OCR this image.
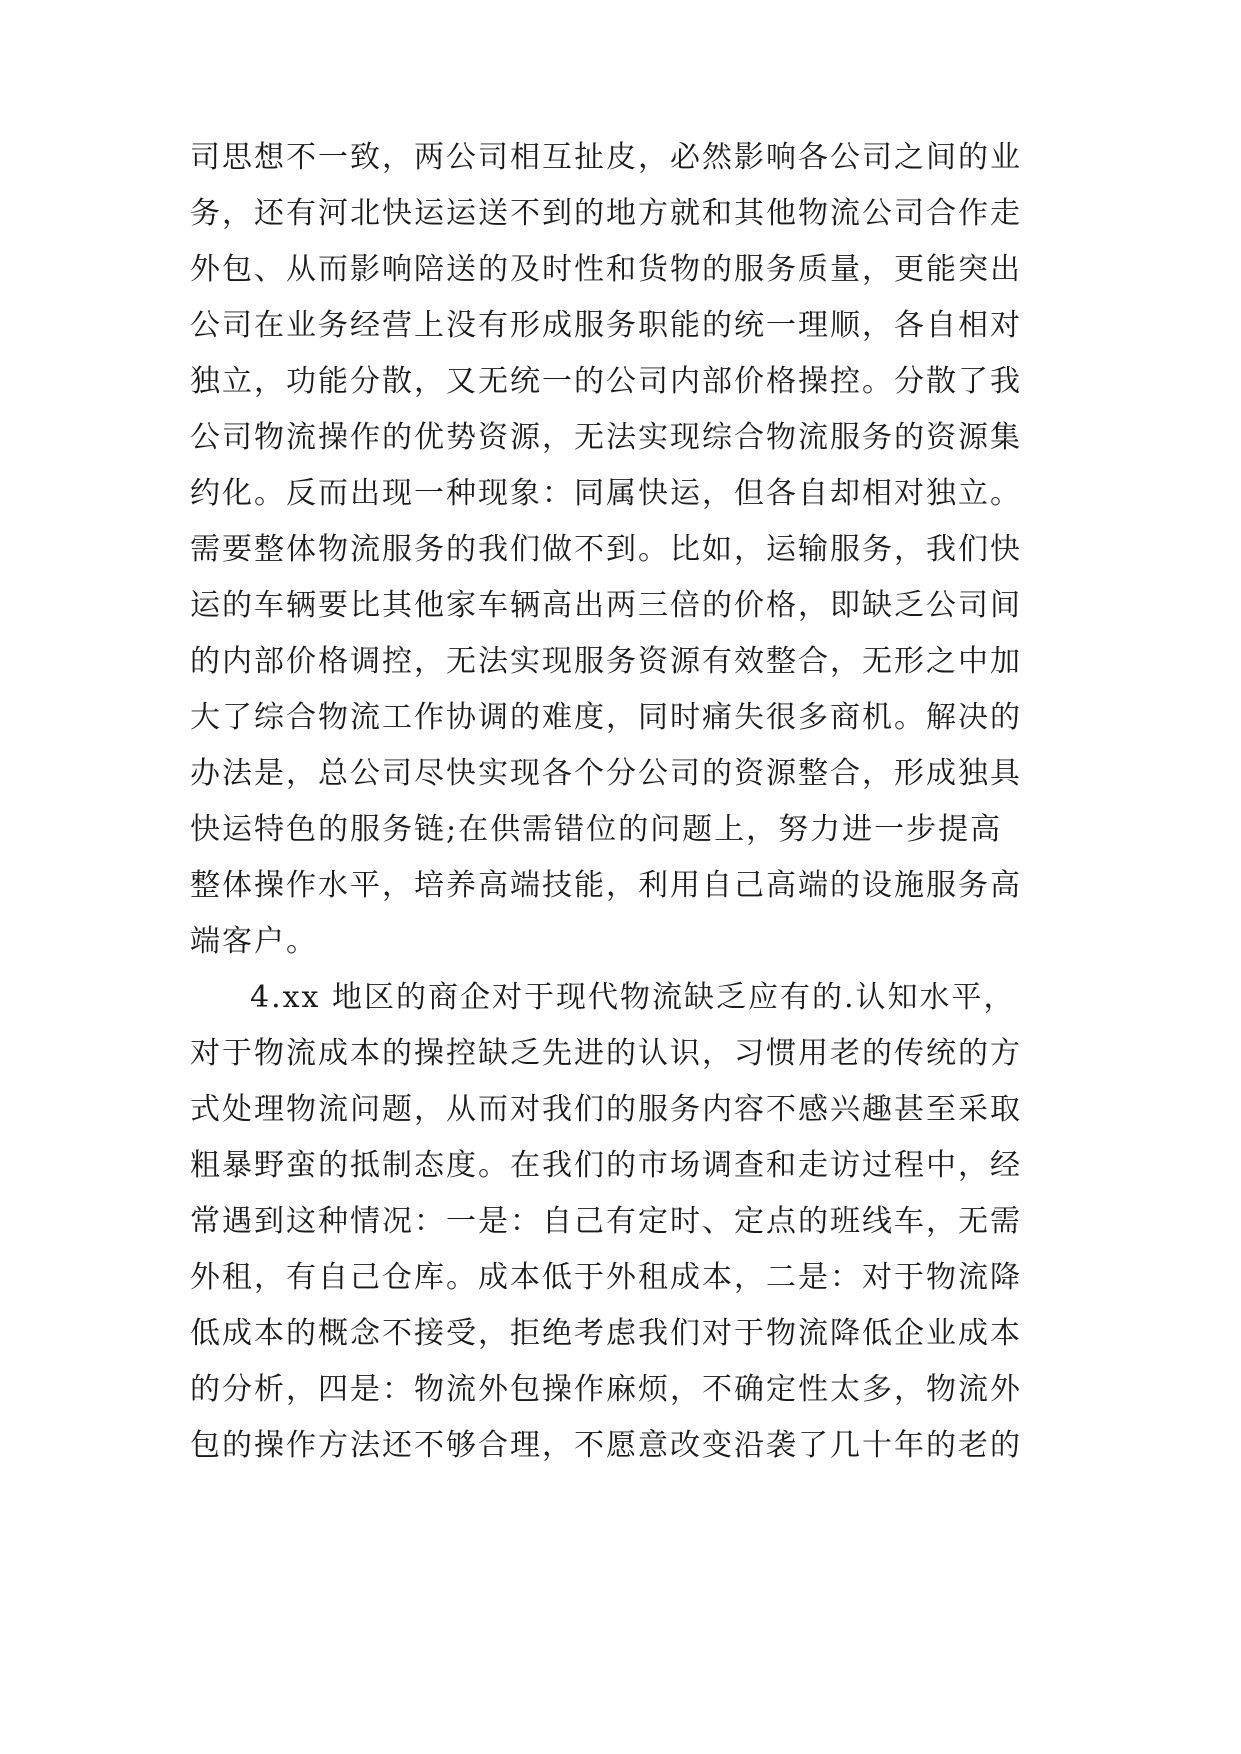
司思想不一致，两公司相互扯皮，必然影响各公司之间的业
务，还有河北快运运送不到的地方就和其他物流公司合作走
外包、从而影响陪送的及时性和货物的服务质量，更能突出
公司在业务经营上没有形成服务职能的统一理顺，各自相对
独立，功能分散，又无统一的公司内部价格操控。分散了我
公司物流操作的优势资源，无法实现综合物流服务的资源集
约化。反而出现一种现象：同属快运，但各自却相对独立。
需要整体物流服务的我们做不到。比如，运输服务，我们快
运的车辆要比其他家车辆高出两三倍的价格，即缺乏公司间
的内部价格调控，无法实现服务资源有效整合，无形之中加
大了综合物流工作协调的难度，同时痛失很多商机。解决的
办法是，总公司尽快实现各个分公司的资源整合，形成独具
快运特色的服务链;在供需错位的问题上，努力进一步提高
整体操作水平，培养高端技能，利用自己高端的设施服务高
端客户。
4.xx 地区的商企对于现代物流缺乏应有的.认知水平，
对于物流成本的操控缺乏先进的认识，习惯用老的传统的方
式处理物流问题，从而对我们的服务内容不感兴趣甚至采取
粗暴野蛮的抵制态度。在我们的市场调查和走访过程中，经
常遇到这种情况：一是：自己有定时、定点的班线车，无需
外租，有自己仓库。成本低于外租成本，二是：对于物流降
低成本的概念不接受，拒绝考虑我们对于物流降低企业成本
的分析，四是：物流外包操作麻烦，不确定性太多，物流外
包的操作方法还不够合理，不愿意改变沿袭了几十年的老的
